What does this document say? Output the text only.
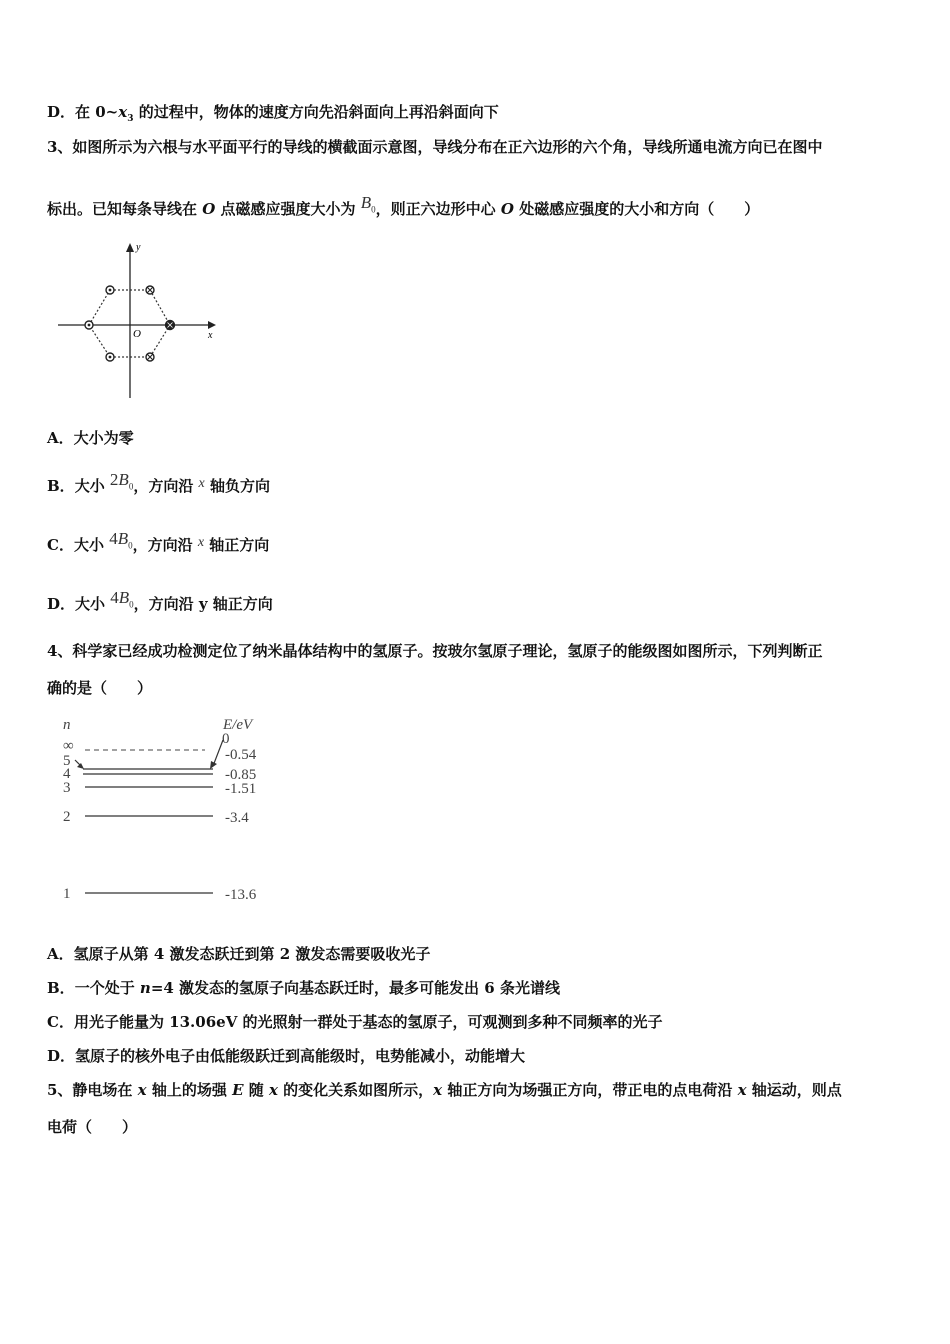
D．在 $0\sim x_3$ 的过程中，物体的速度方向先沿斜面向上再沿斜面向下
3、如图所示为六根与水平面平行的导线的横截面示意图，导线分布在正六边形的六个角，导线所通电流方向已在图中
标出。已知每条导线在 O 点磁感应强度大小为 $B_0$，则正六边形中心 O 处磁感应强度的大小和方向（　　）
y
x
O
A．大小为零
B．大小 $2B_0$，方向沿 x 轴负方向
C．大小 $4B_0$，方向沿 x 轴正方向
D．大小 $4B_0$，方向沿 y 轴正方向
4、科学家已经成功检测定位了纳米晶体结构中的氢原子。按玻尔氢原子理论，氢原子的能级图如图所示，下列判断正
确的是（　　）
n	E/eV
∞	0
5	-0.54
4	-0.85
3	-1.51
2	-3.4
1	-13.6
A．氢原子从第 4 激发态跃迁到第 2 激发态需要吸收光子
B．一个处于 n=4 激发态的氢原子向基态跃迁时，最多可能发出 6 条光谱线
C．用光子能量为 13.06eV 的光照射一群处于基态的氢原子，可观测到多种不同频率的光子
D．氢原子的核外电子由低能级跃迁到高能级时，电势能减小，动能增大
5、静电场在 x 轴上的场强 E 随 x 的变化关系如图所示，x 轴正方向为场强正方向，带正电的点电荷沿 x 轴运动，则点
电荷（　　）
